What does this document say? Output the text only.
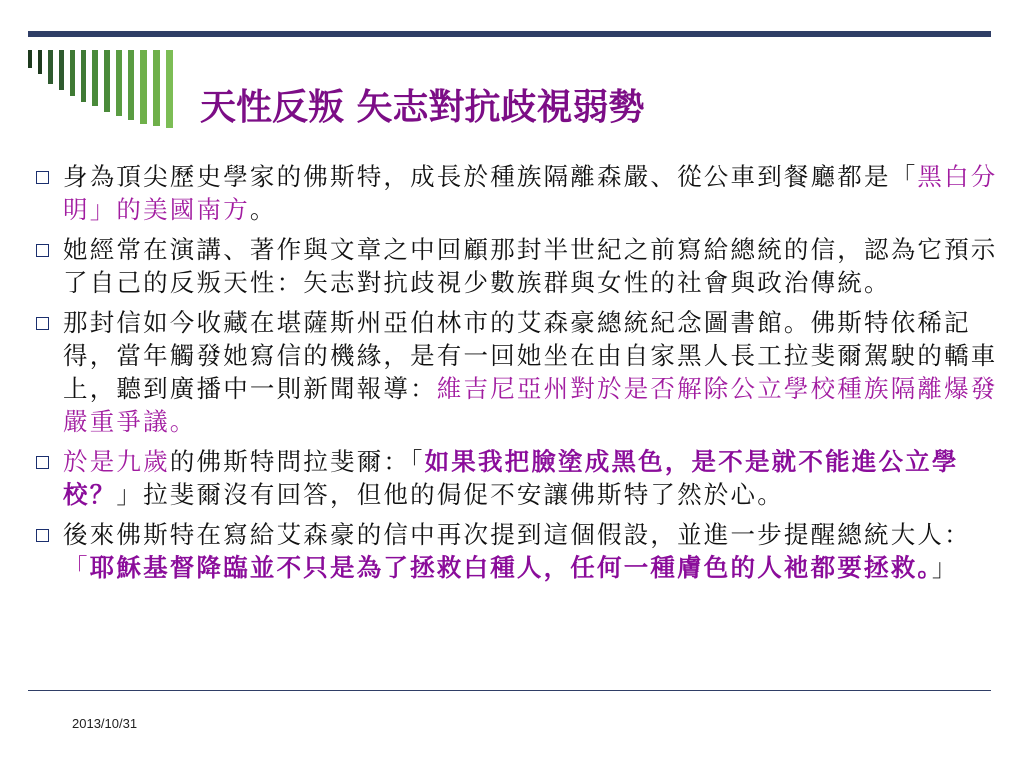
天性反叛 矢志對抗歧視弱勢
身為頂尖歷史學家的佛斯特，成長於種族隔離森嚴、從公車到餐廳都是「黑白分明」的美國南方。
她經常在演講、著作與文章之中回顧那封半世紀之前寫給總統的信，認為它預示了自己的反叛天性：矢志對抗歧視少數族群與女性的社會與政治傳統。
那封信如今收藏在堪薩斯州亞伯林市的艾森豪總統紀念圖書館。佛斯特依稀記得，當年觸發她寫信的機緣，是有一回她坐在由自家黑人長工拉斐爾駕駛的轎車上，聽到廣播中一則新聞報導：維吉尼亞州對於是否解除公立學校種族隔離爆發嚴重爭議。
於是九歲的佛斯特問拉斐爾：「如果我把臉塗成黑色，是不是就不能進公立學校？」拉斐爾沒有回答，但他的侷促不安讓佛斯特了然於心。
後來佛斯特在寫給艾森豪的信中再次提到這個假設，並進一步提醒總統大人：「耶穌基督降臨並不只是為了拯救白種人，任何一種膚色的人祂都要拯救。」
2013/10/31
